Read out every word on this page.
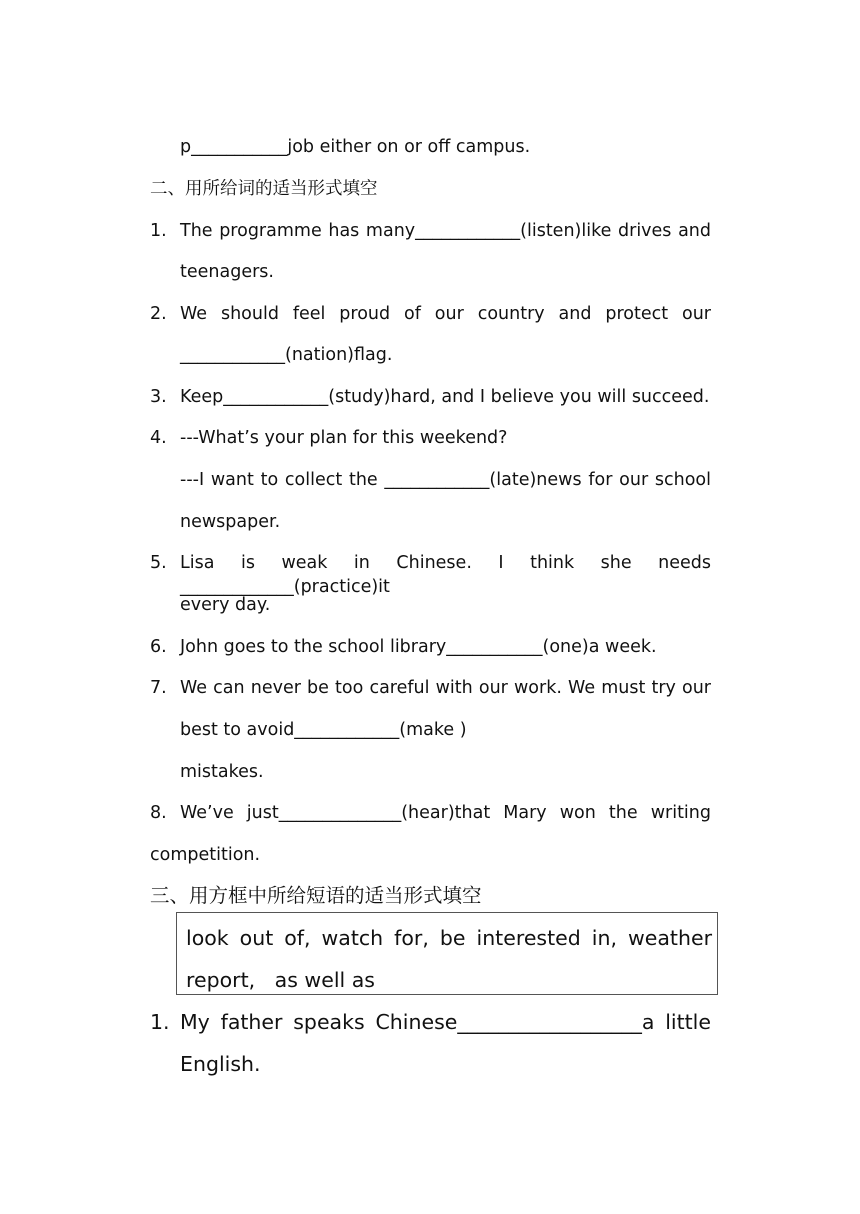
p___________job either on or off campus.
二、用所给词的适当形式填空
1. The programme has many____________(listen)like drives and
teenagers.
2. We should feel proud of our country and protect our
____________(nation)flag.
3. Keep____________(study)hard, and I believe you will succeed.
4. ---What’s your plan for this weekend?
---I want to collect the ____________(late)news for our school
newspaper.
5. Lisa is weak in Chinese. I think she needs _____________(practice)it
every day.
6. John goes to the school library___________(one)a week.
7. We can never be too careful with our work. We must try our
best to avoid____________(make )
mistakes.
8. We’ve just______________(hear)that Mary won the writing
competition.
三、用方框中所给短语的适当形式填空
look out of, watch for, be interested in, weather
report,   as well as
1. My father speaks Chinese__________________a little
English.
